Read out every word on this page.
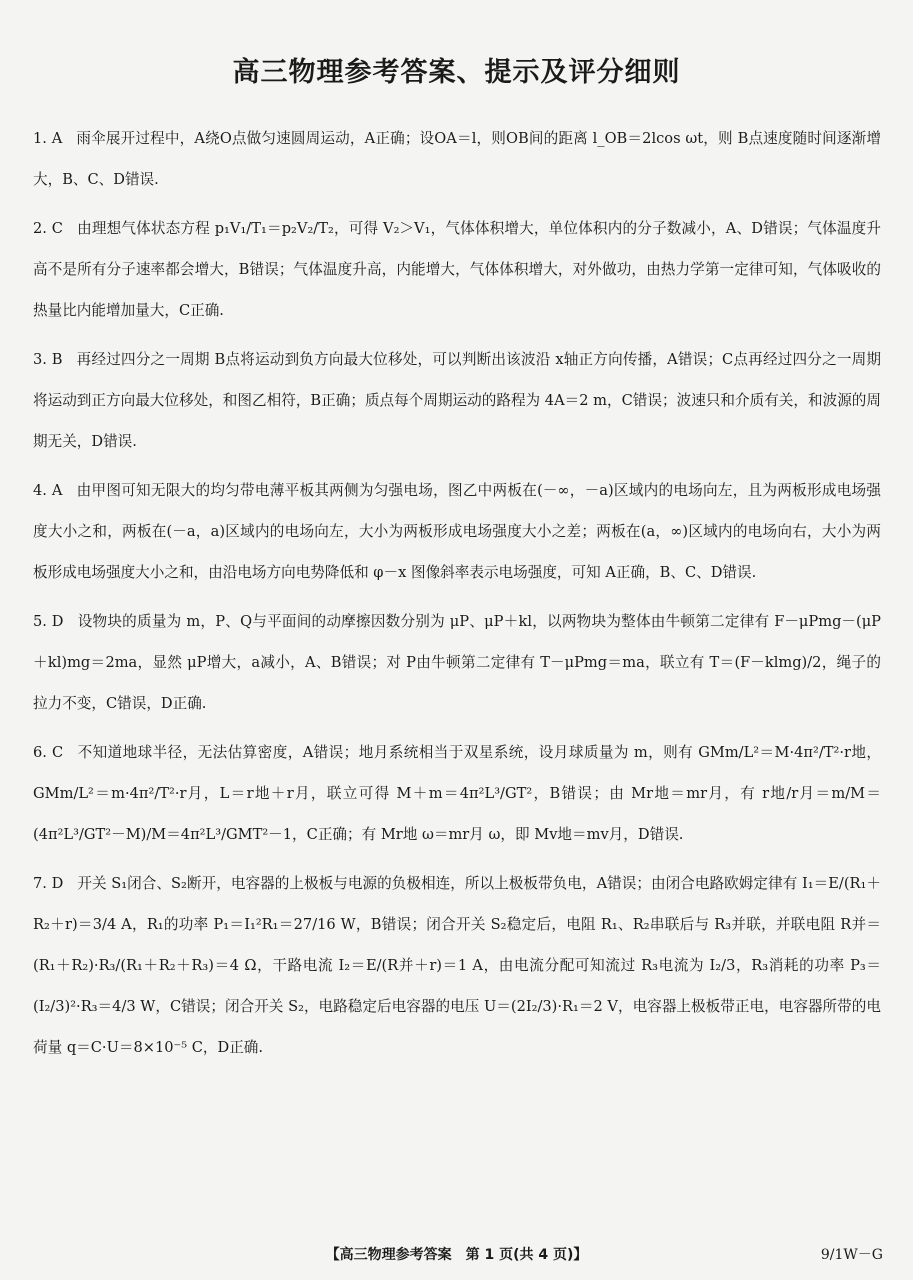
高三物理参考答案、提示及评分细则
1. A 雨伞展开过程中，A绕O点做匀速圆周运动，A正确；设OA＝l，则OB间的距离 l_OB＝2lcos ωt，则 B点速度随时间逐渐增大，B、C、D错误.
2. C 由理想气体状态方程 p₁V₁/T₁＝p₂V₂/T₂，可得 V₂＞V₁，气体体积增大，单位体积内的分子数减小，A、D错误；气体温度升高不是所有分子速率都会增大，B错误；气体温度升高，内能增大，气体体积增大，对外做功，由热力学第一定律可知，气体吸收的热量比内能增加量大，C正确.
3. B 再经过四分之一周期 B点将运动到负方向最大位移处，可以判断出该波沿 x轴正方向传播，A错误；C点再经过四分之一周期将运动到正方向最大位移处，和图乙相符，B正确；质点每个周期运动的路程为 4A＝2 m，C错误；波速只和介质有关，和波源的周期无关，D错误.
4. A 由甲图可知无限大的均匀带电薄平板其两侧为匀强电场，图乙中两板在(－∞，－a)区域内的电场向左，且为两板形成电场强度大小之和，两板在(－a，a)区域内的电场向左，大小为两板形成电场强度大小之差；两板在(a，∞)区域内的电场向右，大小为两板形成电场强度大小之和，由沿电场方向电势降低和 φ－x 图像斜率表示电场强度，可知 A正确，B、C、D错误.
5. D 设物块的质量为 m，P、Q与平面间的动摩擦因数分别为 μP、μP＋kl，以两物块为整体由牛顿第二定律有 F－μPmg－(μP＋kl)mg＝2ma，显然 μP增大，a减小，A、B错误；对 P由牛顿第二定律有 T－μPmg＝ma，联立有 T＝(F－klmg)/2，绳子的拉力不变，C错误，D正确.
6. C 不知道地球半径，无法估算密度，A错误；地月系统相当于双星系统，设月球质量为 m，则有 GMm/L²＝M·4π²/T²·r地，GMm/L²＝m·4π²/T²·r月，L＝r地＋r月，联立可得 M＋m＝4π²L³/GT²，B错误；由 Mr地＝mr月，有 r地/r月＝m/M＝(4π²L³/GT²－M)/M＝4π²L³/GMT²－1，C正确；有 Mr地 ω＝mr月 ω，即 Mv地＝mv月，D错误.
7. D 开关 S₁闭合、S₂断开，电容器的上极板与电源的负极相连，所以上极板带负电，A错误；由闭合电路欧姆定律有 I₁＝E/(R₁＋R₂＋r)＝3/4 A，R₁的功率 P₁＝I₁²R₁＝27/16 W，B错误；闭合开关 S₂稳定后，电阻 R₁、R₂串联后与 R₃并联，并联电阻 R并＝(R₁＋R₂)·R₃/(R₁＋R₂＋R₃)＝4 Ω，干路电流 I₂＝E/(R并＋r)＝1 A，由电流分配可知流过 R₃电流为 I₂/3，R₃消耗的功率 P₃＝(I₂/3)²·R₃＝4/3 W，C错误；闭合开关 S₂，电路稳定后电容器的电压 U＝(2I₂/3)·R₁＝2 V，电容器上极板带正电，电容器所带的电荷量 q＝C·U＝8×10⁻⁵ C，D正确.
【高三物理参考答案　第 1 页(共 4 页)】	9/1W－G
